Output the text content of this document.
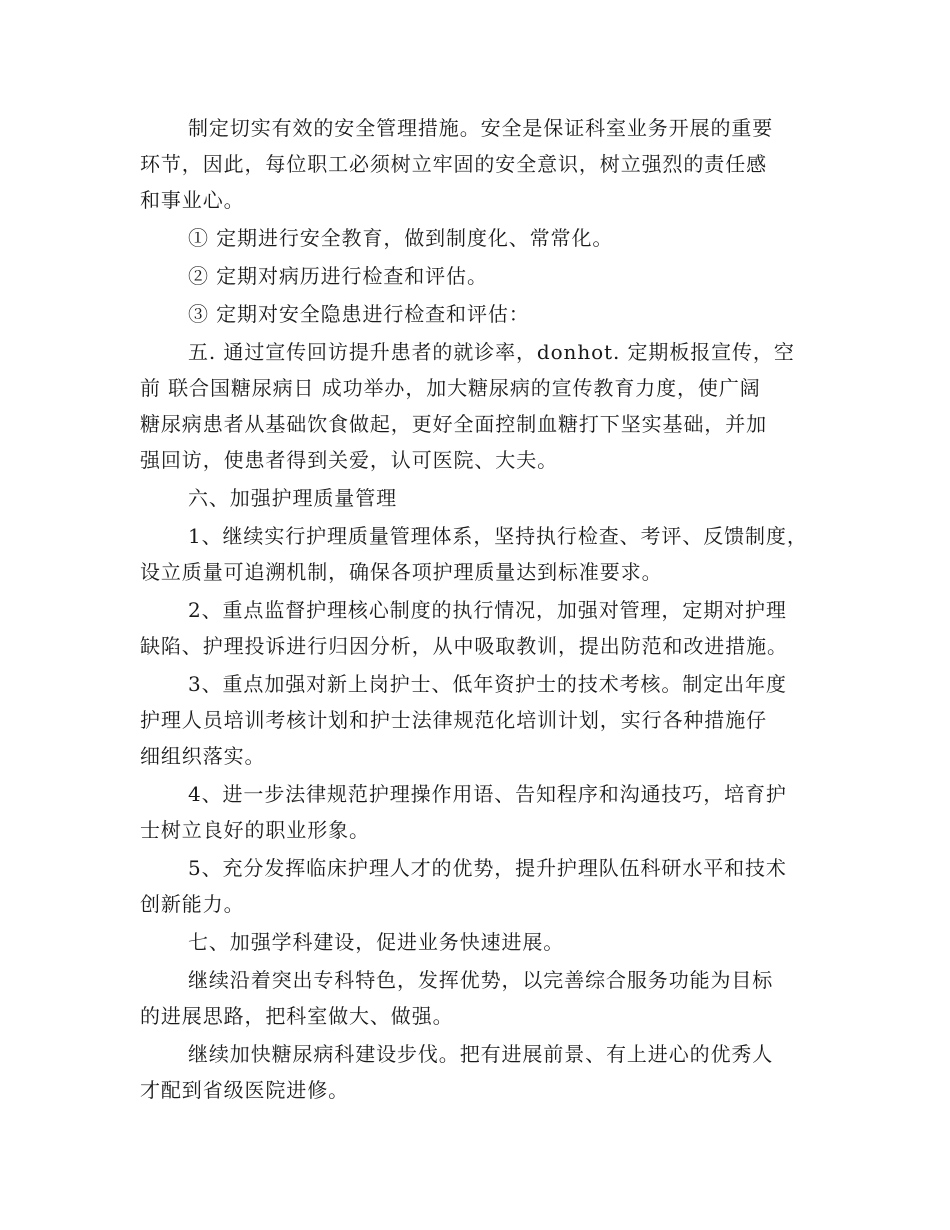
制定切实有效的安全管理措施。安全是保证科室业务开展的重要
环节，因此，每位职工必须树立牢固的安全意识，树立强烈的责任感
和事业心。
① 定期进行安全教育，做到制度化、常常化。
② 定期对病历进行检查和评估。
③ 定期对安全隐患进行检查和评估：
五. 通过宣传回访提升患者的就诊率，donhot. 定期板报宣传，空
前 联合国糖尿病日 成功举办，加大糖尿病的宣传教育力度，使广阔
糖尿病患者从基础饮食做起，更好全面控制血糖打下坚实基础，并加
强回访，使患者得到关爱，认可医院、大夫。
六、加强护理质量管理
1、继续实行护理质量管理体系，坚持执行检查、考评、反馈制度，
设立质量可追溯机制，确保各项护理质量达到标准要求。
2、重点监督护理核心制度的执行情况，加强对管理，定期对护理
缺陷、护理投诉进行归因分析，从中吸取教训，提出防范和改进措施。
3、重点加强对新上岗护士、低年资护士的技术考核。制定出年度
护理人员培训考核计划和护士法律规范化培训计划，实行各种措施仔
细组织落实。
4、进一步法律规范护理操作用语、告知程序和沟通技巧，培育护
士树立良好的职业形象。
5、充分发挥临床护理人才的优势，提升护理队伍科研水平和技术
创新能力。
七、加强学科建设，促进业务快速进展。
继续沿着突出专科特色，发挥优势，以完善综合服务功能为目标
的进展思路，把科室做大、做强。
继续加快糖尿病科建设步伐。把有进展前景、有上进心的优秀人
才配到省级医院进修。
